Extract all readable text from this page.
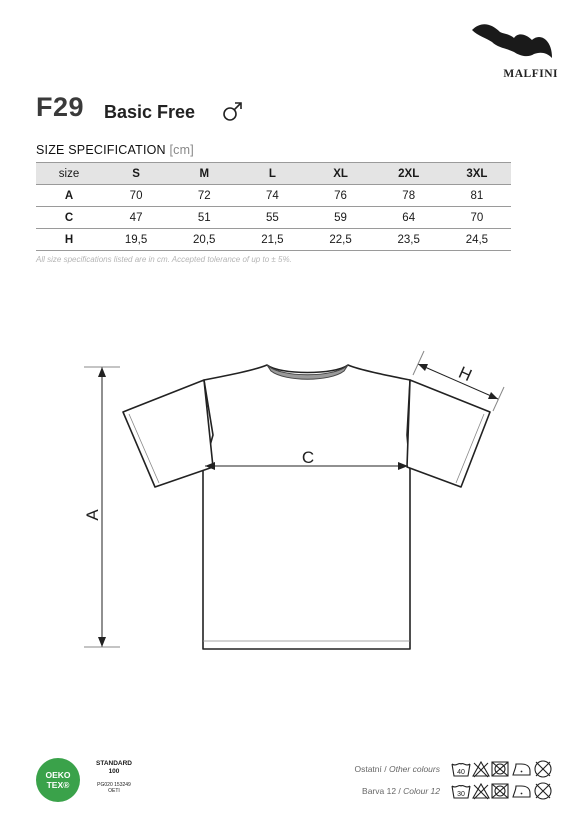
MALFINI
F29 Basic Free
SIZE SPECIFICATION [cm]
size	S	M	L	XL	2XL	3XL
A	70	72	74	76	78	81
C	47	51	55	59	64	70
H	19,5	20,5	21,5	22,5	23,5	24,5
All size specifications listed are in cm. Accepted tolerance of up to ± 5%.
A
C
H
OEKO
TEX®
STANDARD
100
PG020 153249
OETI
Ostatní / Other colours 40
Barva 12 / Colour 12 30
